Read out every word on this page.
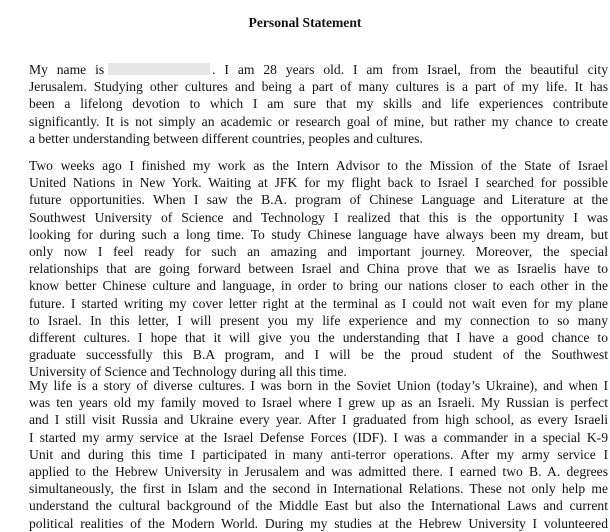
Personal Statement
My name is	. I am 28 years old. I am from Israel, from the beautiful city
Jerusalem. Studying other cultures and being a part of many cultures is a part of my life. It has
been a lifelong devotion to which I am sure that my skills and life experiences contribute
significantly. It is not simply an academic or research goal of mine, but rather my chance to create
a better understanding between different countries, peoples and cultures.
Two weeks ago I finished my work as the Intern Advisor to the Mission of the State of Israel
United Nations in New York. Waiting at JFK for my flight back to Israel I searched for possible
future opportunities. When I saw the B.A. program of Chinese Language and Literature at the
Southwest University of Science and Technology I realized that this is the opportunity I was
looking for during such a long time. To study Chinese language have always been my dream, but
only now I feel ready for such an amazing and important journey. Moreover, the special
relationships that are going forward between Israel and China prove that we as Israelis have to
know better Chinese culture and language, in order to bring our nations closer to each other in the
future. I started writing my cover letter right at the terminal as I could not wait even for my plane
to Israel. In this letter, I will present you my life experience and my connection to so many
different cultures. I hope that it will give you the understanding that I have a good chance to
graduate successfully this B.A program, and I will be the proud student of the Southwest
University of Science and Technology during all this time.
My life is a story of diverse cultures. I was born in the Soviet Union (today’s Ukraine), and when I
was ten years old my family moved to Israel where I grew up as an Israeli. My Russian is perfect
and I still visit Russia and Ukraine every year. After I graduated from high school, as every Israeli
I started my army service at the Israel Defense Forces (IDF). I was a commander in a special K-9
Unit and during this time I participated in many anti-terror operations. After my army service I
applied to the Hebrew University in Jerusalem and was admitted there. I earned two B. A. degrees
simultaneously, the first in Islam and the second in International Relations. These not only help me
understand the cultural background of the Middle East but also the International Laws and current
political realities of the Modern World. During my studies at the Hebrew University I volunteered
